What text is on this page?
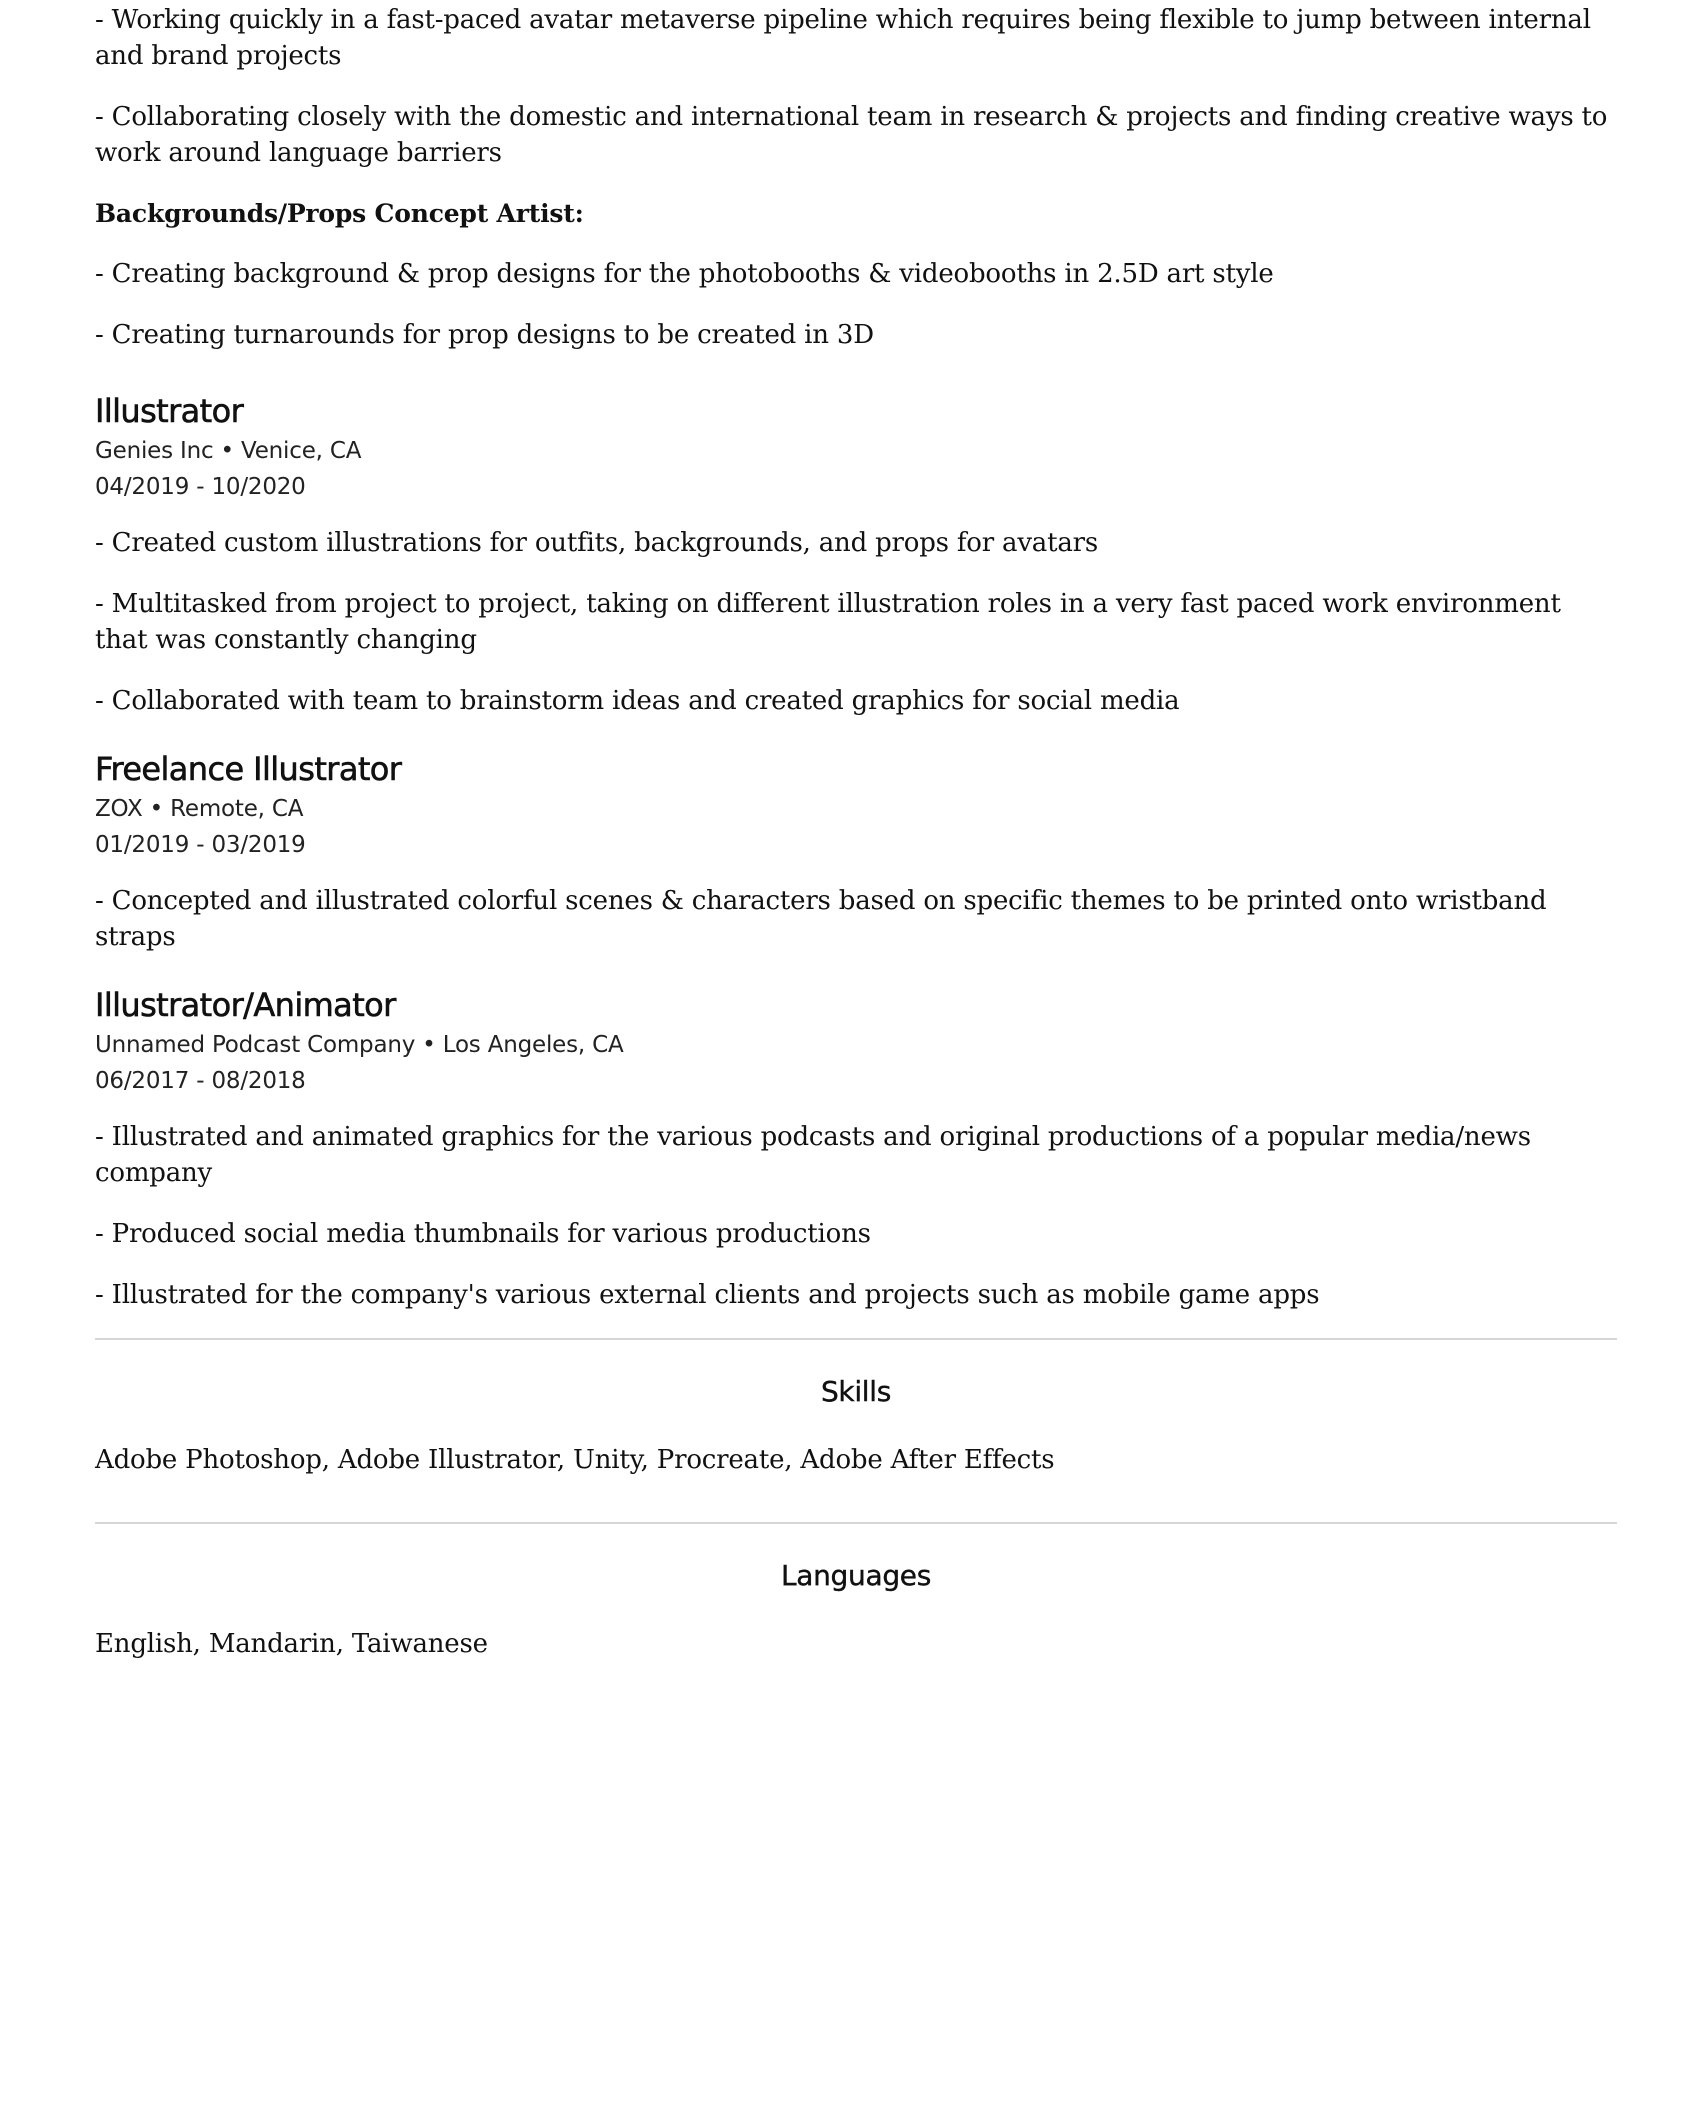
- Working quickly in a fast-paced avatar metaverse pipeline which requires being flexible to jump between internal and brand projects

- Collaborating closely with the domestic and international team in research & projects and finding creative ways to work around language barriers

Backgrounds/Props Concept Artist:

- Creating background & prop designs for the photobooths & videobooths in 2.5D art style

- Creating turnarounds for prop designs to be created in 3D

Illustrator
Genies Inc • Venice, CA
04/2019 - 10/2020

- Created custom illustrations for outfits, backgrounds, and props for avatars

- Multitasked from project to project, taking on different illustration roles in a very fast paced work environment that was constantly changing

- Collaborated with team to brainstorm ideas and created graphics for social media

Freelance Illustrator
ZOX • Remote, CA
01/2019 - 03/2019

- Concepted and illustrated colorful scenes & characters based on specific themes to be printed onto wristband straps

Illustrator/Animator
Unnamed Podcast Company • Los Angeles, CA
06/2017 - 08/2018

- Illustrated and animated graphics for the various podcasts and original productions of a popular media/news company

- Produced social media thumbnails for various productions

- Illustrated for the company's various external clients and projects such as mobile game apps

Skills

Adobe Photoshop, Adobe Illustrator, Unity, Procreate, Adobe After Effects

Languages

English, Mandarin, Taiwanese
